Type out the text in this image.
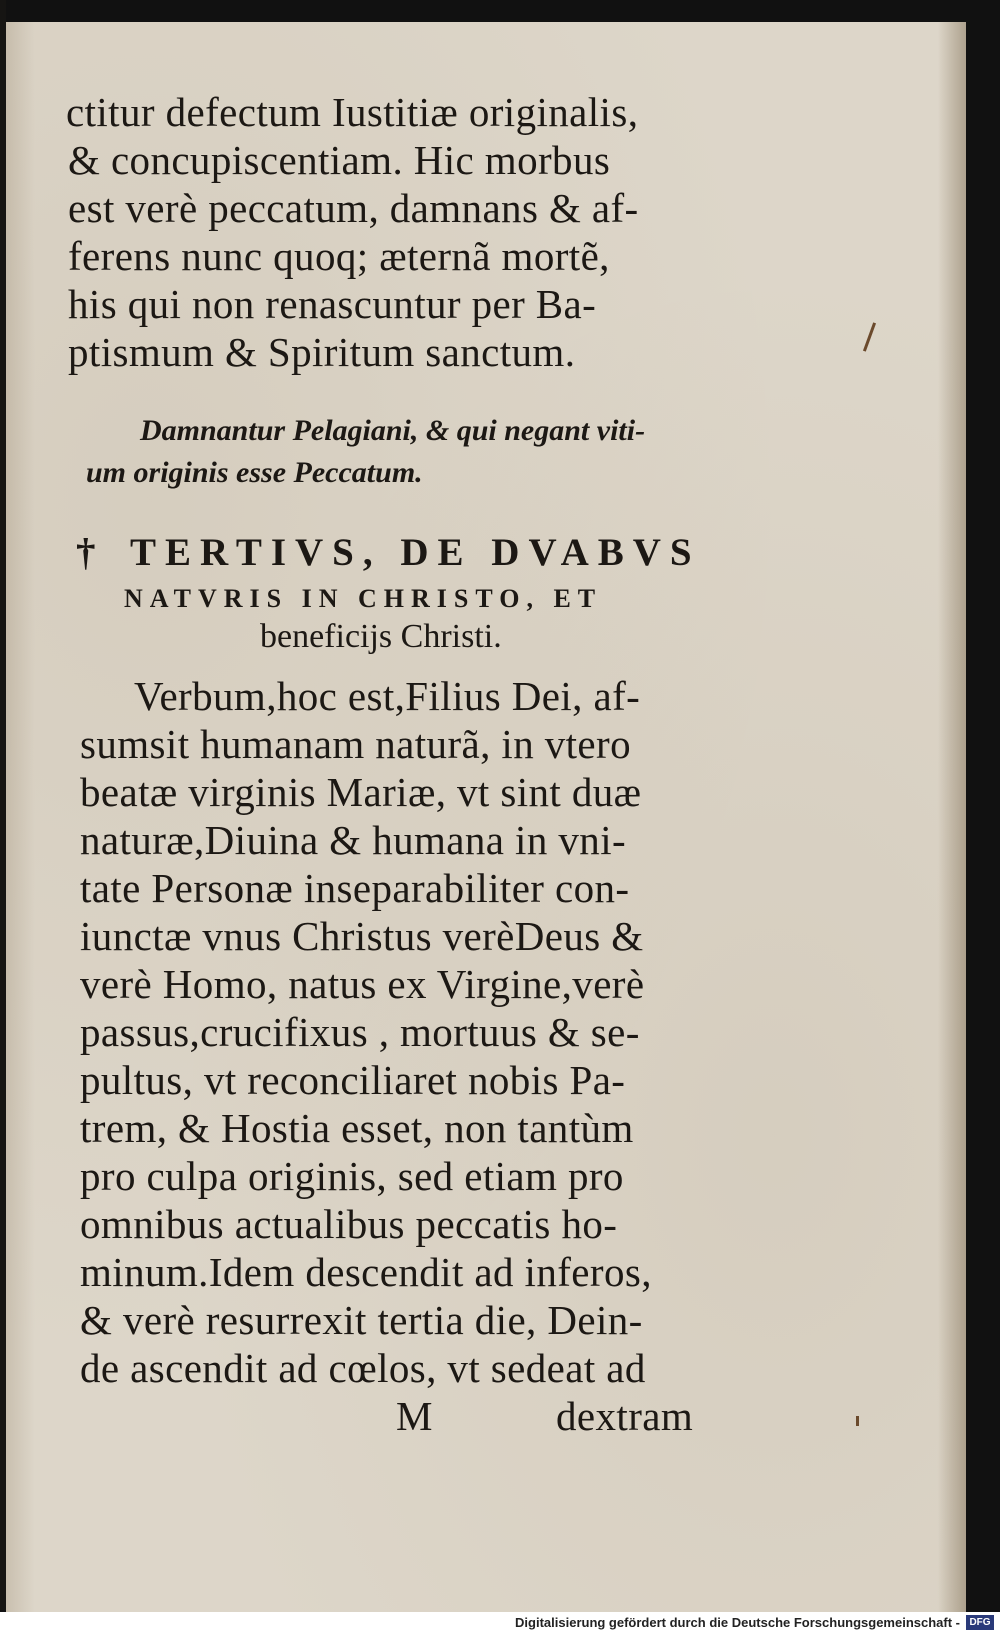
ctitur defectum Iustitiæ originalis,
& concupiscentiam. Hic morbus
est verè peccatum, damnans & af-
ferens nunc quoq; æternã mortẽ,
his qui non renascuntur per Ba-
ptismum & Spiritum sanctum.
Damnantur Pelagiani, & qui negant viti-
um originis esse Peccatum.
† TERTIVS, DE DVABVS
NATVRIS IN CHRISTO, ET
beneficijs Christi.
Verbum,hoc est,Filius Dei, af-
sumsit humanam naturã, in vtero
beatæ virginis Mariæ, vt sint duæ
naturæ,Diuina & humana in vni-
tate Personæ inseparabiliter con-
iunctæ vnus Christus verèDeus &
verè Homo, natus ex Virgine,verè
passus,crucifixus , mortuus & se-
pultus, vt reconciliaret nobis Pa-
trem, & Hostia esset, non tantùm
pro culpa originis, sed etiam pro
omnibus actualibus peccatis ho-
minum.Idem descendit ad inferos,
& verè resurrexit tertia die, Dein-
de ascendit ad cœlos, vt sedeat ad
M	dextram
Digitalisierung gefördert durch die Deutsche Forschungsgemeinschaft - DFG
